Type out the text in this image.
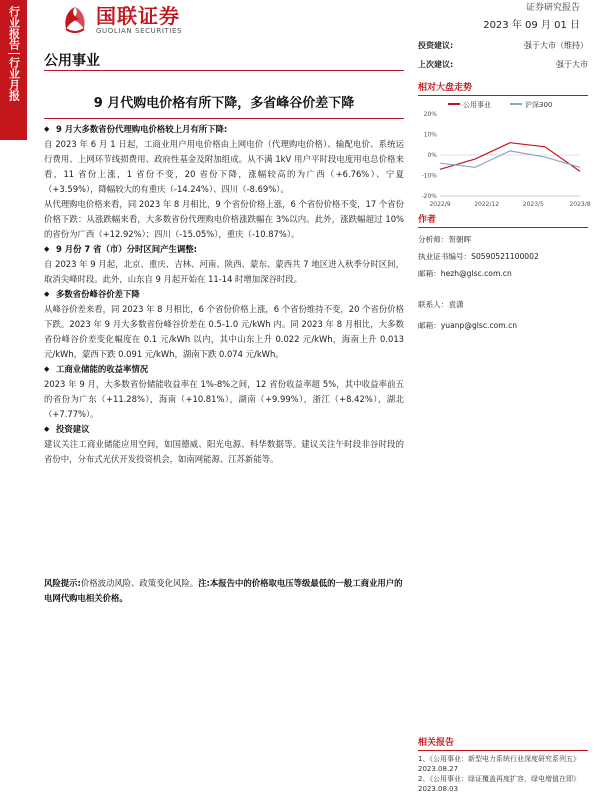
行业报告
行业月报
国联证券
GUOLIAN SECURITIES
证券研究报告
2023 年 09 月 01 日
公用事业
9 月代购电价格有所下降，多省峰谷价差下降
投资建议:	强于大市（维持）
上次建议:	强于大市
相对大盘走势
公用事业	沪深300
20%
10%
0%
-10%
-20%
2022/9	2022/12	2023/5	2023/8

◆ 9 月大多数省份代理购电价格较上月有所下降:

自 2023 年 6 月 1 日起，工商业用户用电价格由上网电价（代理购电价格）、输配电价、系统运行费用、上网环节线损费用、政府性基金及附加组成。从不满 1kV 用户平时段电度用电总价格来看，11 省份上涨，1 省份不变，20 省份下降，涨幅较高的为广西（+6.76%）、宁夏（+3.59%），降幅较大的有重庆（-14.24%）、四川（-8.69%）。

从代理购电价格来看，同 2023 年 8 月相比，9 个省份价格上涨，6 个省份价格不变，17 个省份价格下跌：从涨跌幅来看，大多数省份代理购电价格涨跌幅在 3%以内。此外，涨跌幅超过 10%的省份为广西（+12.92%）；四川（-15.05%），重庆（-10.87%）。

◆ 9 月份 7 省（市）分时区间产生调整:

自 2023 年 9 月起，北京、重庆、吉林、河南、陕西、蒙东、蒙西共 7 地区进入秋季分时区间，取消尖峰时段。此外，山东自 9 月起开始在 11-14 时增加深谷时段。

◆ 多数省份峰谷价差下降

从峰谷价差来看，同 2023 年 8 月相比，6 个省份价格上涨，6 个省份维持不变，20 个省份价格下跌。2023 年 9 月大多数省份峰谷价差在 0.5-1.0 元/kWh 内。同 2023 年 8 月相比，大多数省份峰谷价差变化幅度在 0.1 元/kWh 以内，其中山东上升 0.022 元/kWh，海南上升 0.013 元/kWh，蒙西下跌 0.091 元/kWh，湖南下跌 0.074 元/kWh。

◆ 工商业储能的收益率情况

2023 年 9 月，大多数省份储能收益率在 1%-8%之间，12 省份收益率超 5%，其中收益率前五的省份为广东（+11.28%），海南（+10.81%），湖南（+9.99%），浙江（+8.42%），湖北（+7.77%）。

◆ 投资建议

建议关注工商业储能应用空间，如国德威、阳光电源、科华数据等。建议关注午时段非谷时段的省份中，分布式光伏开发投资机会，如南网能源、江苏新能等。

风险提示:价格波动风险、政策变化风险。注:本报告中的价格取电压等级最低的一般工商业用户的电网代购电相关价格。
作者
分析师：贺朝晖
执业证书编号：S0590521100002
邮箱：hezh@glsc.com.cn
联系人：袁潇
邮箱：yuanp@glsc.com.cn
相关报告
1、《公用事业：新型电力系统行业深度研究系列五》2023.08.27
2、《公用事业：绿证覆盖再度扩容，绿电增值在即》2023.08.03
